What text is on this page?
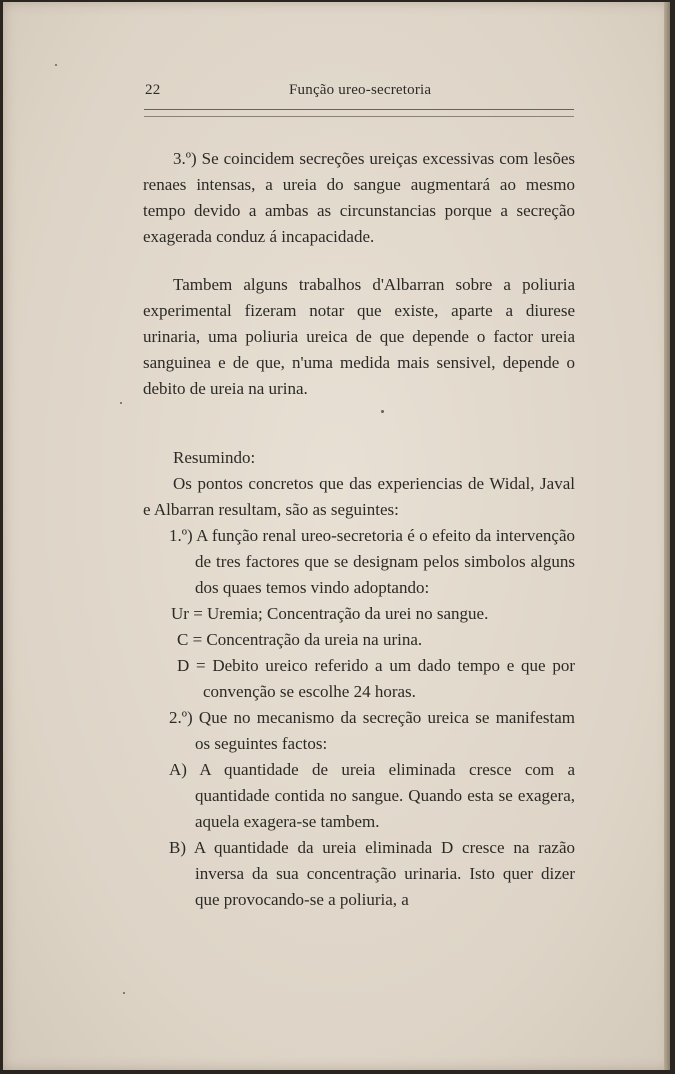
22	Função ureo-secretoria

3.º) Se coincidem secreções ureiças excessivas com lesões renaes intensas, a ureia do sangue augmentará ao mesmo tempo devido a ambas as circunstancias porque a secreção exagerada conduz á incapacidade.

Tambem alguns trabalhos d'Albarran sobre a poliuria experimental fizeram notar que existe, aparte a diurese urinaria, uma poliuria ureica de que depende o factor ureia sanguinea e de que, n'uma medida mais sensivel, depende o debito de ureia na urina.

Resumindo:

Os pontos concretos que das experiencias de Widal, Javal e Albarran resultam, são as seguintes:

1.º) A função renal ureo-secretoria é o efeito da intervenção de tres factores que se designam pelos simbolos alguns dos quaes temos vindo adoptando:

Ur = Uremia; Concentração da urei no sangue.

C = Concentração da ureia na urina.

D = Debito ureico referido a um dado tempo e que por convenção se escolhe 24 horas.

2.º) Que no mecanismo da secreção ureica se manifestam os seguintes factos:

A) A quantidade de ureia eliminada cresce com a quantidade contida no sangue. Quando esta se exagera, aquela exagera-se tambem.

B) A quantidade da ureia eliminada D cresce na razão inversa da sua concentração urinaria. Isto quer dizer que provocando-se a poliuria, a
